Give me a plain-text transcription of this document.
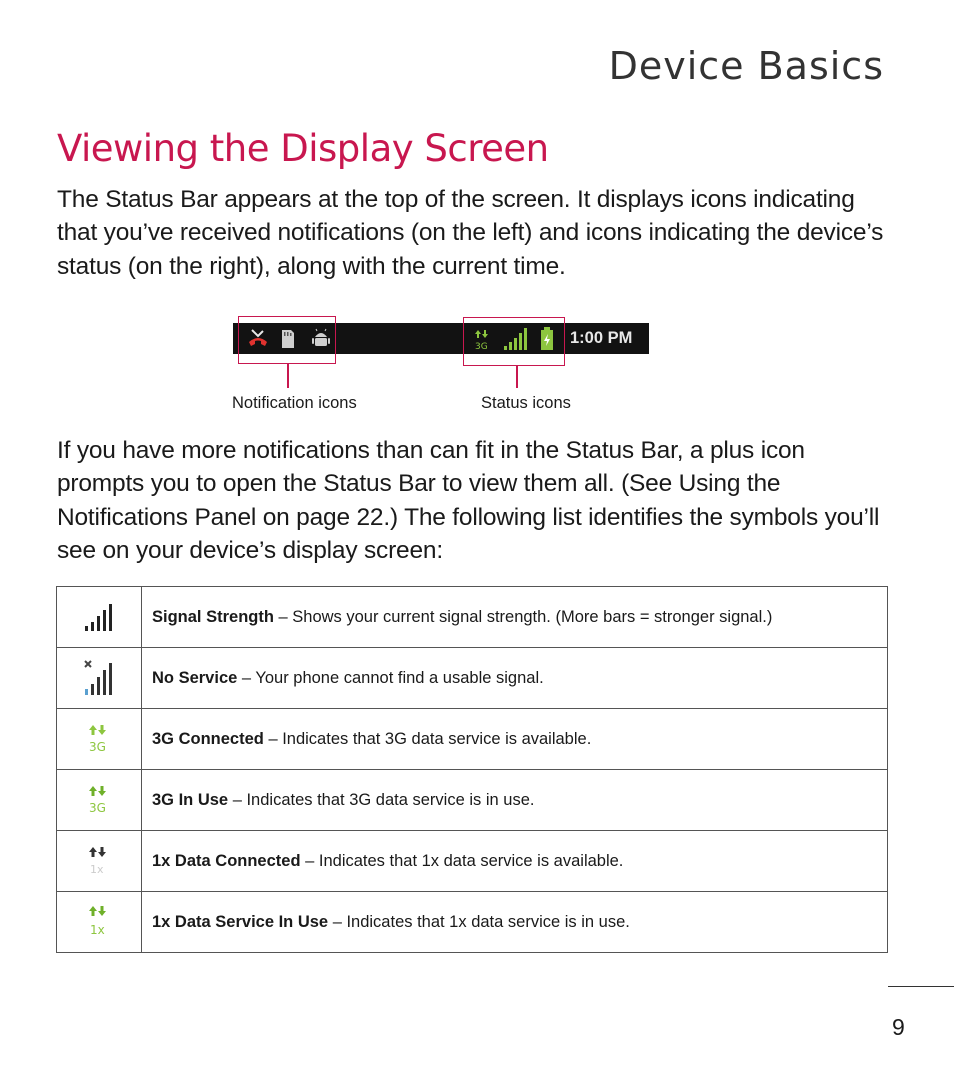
Device Basics
Viewing the Display Screen
The Status Bar appears at the top of the screen. It displays icons indicating that you’ve received notifications (on the left) and icons indicating the device’s status (on the right), along with the current time.
3G	1:00 PM
Notification icons	Status icons
If you have more notifications than can fit in the Status Bar, a plus icon prompts you to open the Status Bar to view them all. (See Using the Notifications Panel on page 22.) The following list identifies the symbols you’ll see on your device’s display screen:
	Signal Strength – Shows your current signal strength. (More bars = stronger signal.)
	No Service – Your phone cannot find a usable signal.

3G	3G Connected – Indicates that 3G data service is available.

3G	3G In Use – Indicates that 3G data service is in use.

1x	1x Data Connected – Indicates that 1x data service is available.

1x	1x Data Service In Use – Indicates that 1x data service is in use.
9
